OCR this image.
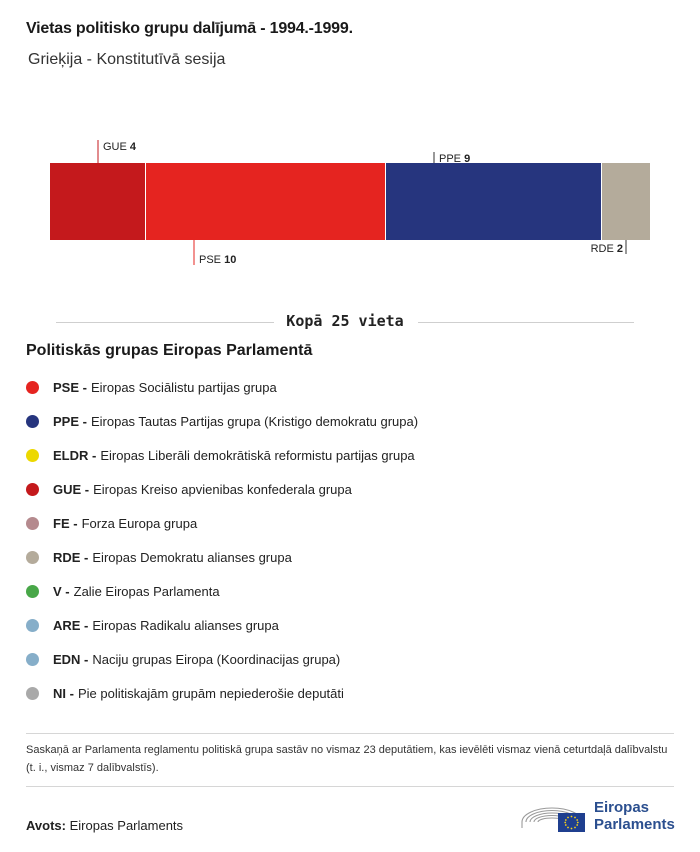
Vietas politisko grupu dalījumā - 1994.-1999.
Grieķija - Konstitutīvā sesija
GUE 4
PSE 10
PPE 9
RDE 2
Kopā 25 vieta
Politiskās grupas Eiropas Parlamentā
PSE - Eiropas Sociālistu partijas grupa
PPE - Eiropas Tautas Partijas grupa (Kristigo demokratu grupa)
ELDR - Eiropas Liberāli demokrātiskā reformistu partijas grupa
GUE - Eiropas Kreiso apvienibas konfederala grupa
FE - Forza Europa grupa
RDE - Eiropas Demokratu alianses grupa
V - Zalie Eiropas Parlamenta
ARE - Eiropas Radikalu alianses grupa
EDN - Naciju grupas Eiropa (Koordinacijas grupa)
NI - Pie politiskajām grupām nepiederošie deputāti
Saskaņā ar Parlamenta reglamentu politiskā grupa sastāv no vismaz 23 deputātiem, kas ievēlēti vismaz vienā ceturtdaļā dalībvalstu (t. i., vismaz 7 dalībvalstīs).
Avots: Eiropas Parlaments
Eiropas
Parlaments
